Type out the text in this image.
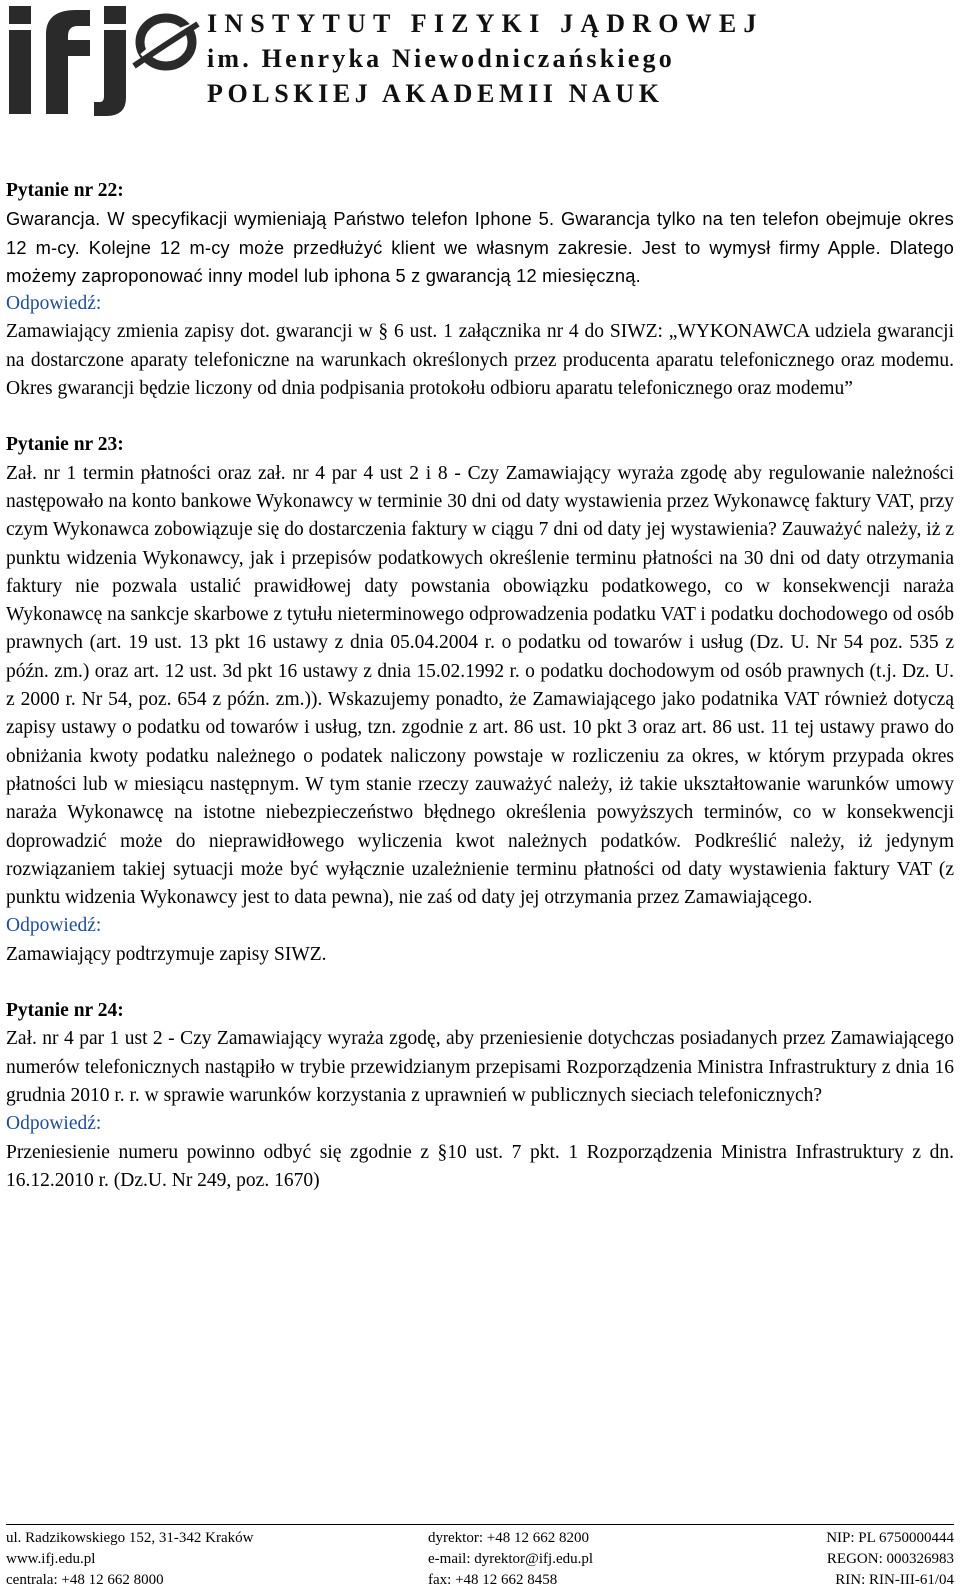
INSTYTUT FIZYKI JĄDROWEJ
im. Henryka Niewodniczańskiego
POLSKIEJ AKADEMII NAUK

Pytanie nr 22:

Gwarancja. W specyfikacji wymieniają Państwo telefon Iphone 5. Gwarancja tylko na ten telefon obejmuje okres 12 m-cy. Kolejne 12 m-cy może przedłużyć klient we własnym zakresie. Jest to wymysł firmy Apple. Dlatego możemy zaproponować inny model lub iphona 5 z gwarancją 12 miesięczną.

Odpowiedź:

Zamawiający zmienia zapisy dot. gwarancji w § 6 ust. 1 załącznika nr 4 do SIWZ: „WYKONAWCA udziela gwarancji na dostarczone aparaty telefoniczne na warunkach określonych przez producenta aparatu telefonicznego oraz modemu. Okres gwarancji będzie liczony od dnia podpisania protokołu odbioru aparatu telefonicznego oraz modemu”

Pytanie nr 23:

Zał. nr 1 termin płatności oraz zał. nr 4 par 4 ust 2 i 8 - Czy Zamawiający wyraża zgodę aby regulowanie należności następowało na konto bankowe Wykonawcy w terminie 30 dni od daty wystawienia przez Wykonawcę faktury VAT, przy czym Wykonawca zobowiązuje się do dostarczenia faktury w ciągu 7 dni od daty jej wystawienia? Zauważyć należy, iż z punktu widzenia Wykonawcy, jak i przepisów podatkowych określenie terminu płatności na 30 dni od daty otrzymania faktury nie pozwala ustalić prawidłowej daty powstania obowiązku podatkowego, co w konsekwencji naraża Wykonawcę na sankcje skarbowe z tytułu nieterminowego odprowadzenia podatku VAT i podatku dochodowego od osób prawnych (art. 19 ust. 13 pkt 16 ustawy z dnia 05.04.2004 r. o podatku od towarów i usług (Dz. U. Nr 54 poz. 535 z późn. zm.) oraz art. 12 ust. 3d pkt 16 ustawy z dnia 15.02.1992 r. o podatku dochodowym od osób prawnych (t.j. Dz. U. z 2000 r. Nr 54, poz. 654 z późn. zm.)). Wskazujemy ponadto, że Zamawiającego jako podatnika VAT również dotyczą zapisy ustawy o podatku od towarów i usług, tzn. zgodnie z art. 86 ust. 10 pkt 3 oraz art. 86 ust. 11 tej ustawy prawo do obniżania kwoty podatku należnego o podatek naliczony powstaje w rozliczeniu za okres, w którym przypada okres płatności lub w miesiącu następnym. W tym stanie rzeczy zauważyć należy, iż takie ukształtowanie warunków umowy naraża Wykonawcę na istotne niebezpieczeństwo błędnego określenia powyższych terminów, co w konsekwencji doprowadzić może do nieprawidłowego wyliczenia kwot należnych podatków. Podkreślić należy, iż jedynym rozwiązaniem takiej sytuacji może być wyłącznie uzależnienie terminu płatności od daty wystawienia faktury VAT (z punktu widzenia Wykonawcy jest to data pewna), nie zaś od daty jej otrzymania przez Zamawiającego.

Odpowiedź:

Zamawiający podtrzymuje zapisy SIWZ.

Pytanie nr 24:

Zał. nr 4 par 1 ust 2 - Czy Zamawiający wyraża zgodę, aby przeniesienie dotychczas posiadanych przez Zamawiającego numerów telefonicznych nastąpiło w trybie przewidzianym przepisami Rozporządzenia Ministra Infrastruktury z dnia 16 grudnia 2010 r. r. w sprawie warunków korzystania z uprawnień w publicznych sieciach telefonicznych?

Odpowiedź:

Przeniesienie numeru powinno odbyć się zgodnie z §10 ust. 7 pkt. 1 Rozporządzenia Ministra Infrastruktury z dn. 16.12.2010 r. (Dz.U. Nr 249, poz. 1670)

ul. Radzikowskiego 152, 31-342 Kraków
www.ifj.edu.pl
centrala: +48 12 662 8000
dyrektor: +48 12 662 8200
e-mail: dyrektor@ifj.edu.pl
fax: +48 12 662 8458
NIP: PL 6750000444
REGON: 000326983
RIN: RIN-III-61/04
